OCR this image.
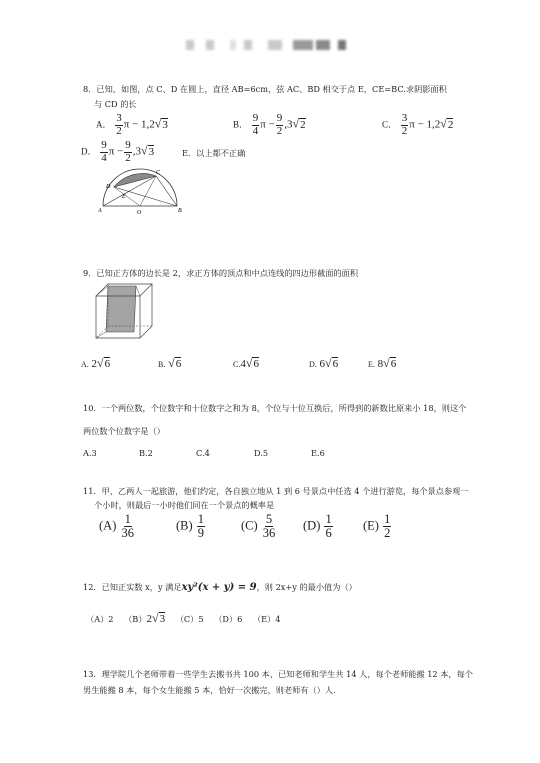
8．已知，如图，点 C、D 在圆上，直径 AB=6cm，弦 AC、BD 相交于点 E，CE=BC.求阴影面积
与 CD 的长
A． $\frac{3}{2}$ π − 1,2√3	B． $\frac{9}{4}$ $\pi - \frac{9}{2} ,3√2$	C． $\frac{3}{2}$ π − 1,2√2
D． $\frac{9}{4}$ $\pi - \frac{9}{2} ,3√3$	E．以上都不正确
C
D
E
A	O	B
9．已知正方体的边长是 2，求正方体的顶点和中点连线的四边形截面的面积
A. 2√6	B. √6	C.4√6	D. 6√6	E. 8√6
10．一个两位数，个位数字和十位数字之和为 8，个位与十位互换后，所得到的新数比原来小 18，则这个
两位数个位数字是（）
A.3	B.2	C.4	D.5	E.6
11．甲、乙两人一起旅游，他们约定，各自独立地从 1 到 6 号景点中任选 4 个进行游览，每个景点参观一
个小时，则最后一小时他们同在一个景点的概率是
$(A) \frac{1}{36}$	$(B) \frac{1}{9}$	$(C) \frac{5}{36} (D) \frac{1}{6} (E) \frac{1}{2}$
12．已知正实数 x，y 满足xy²(x + y) = 9，则 2x+y 的最小值为（）
（A）2 （B）2√3 （C）5 （D）6 （E）4
13．理学院几个老师带着一些学生去搬书共 100 本，已知老师和学生共 14 人，每个老师能搬 12 本，每个
男生能搬 8 本，每个女生能搬 5 本，恰好一次搬完，则老师有（）人.
